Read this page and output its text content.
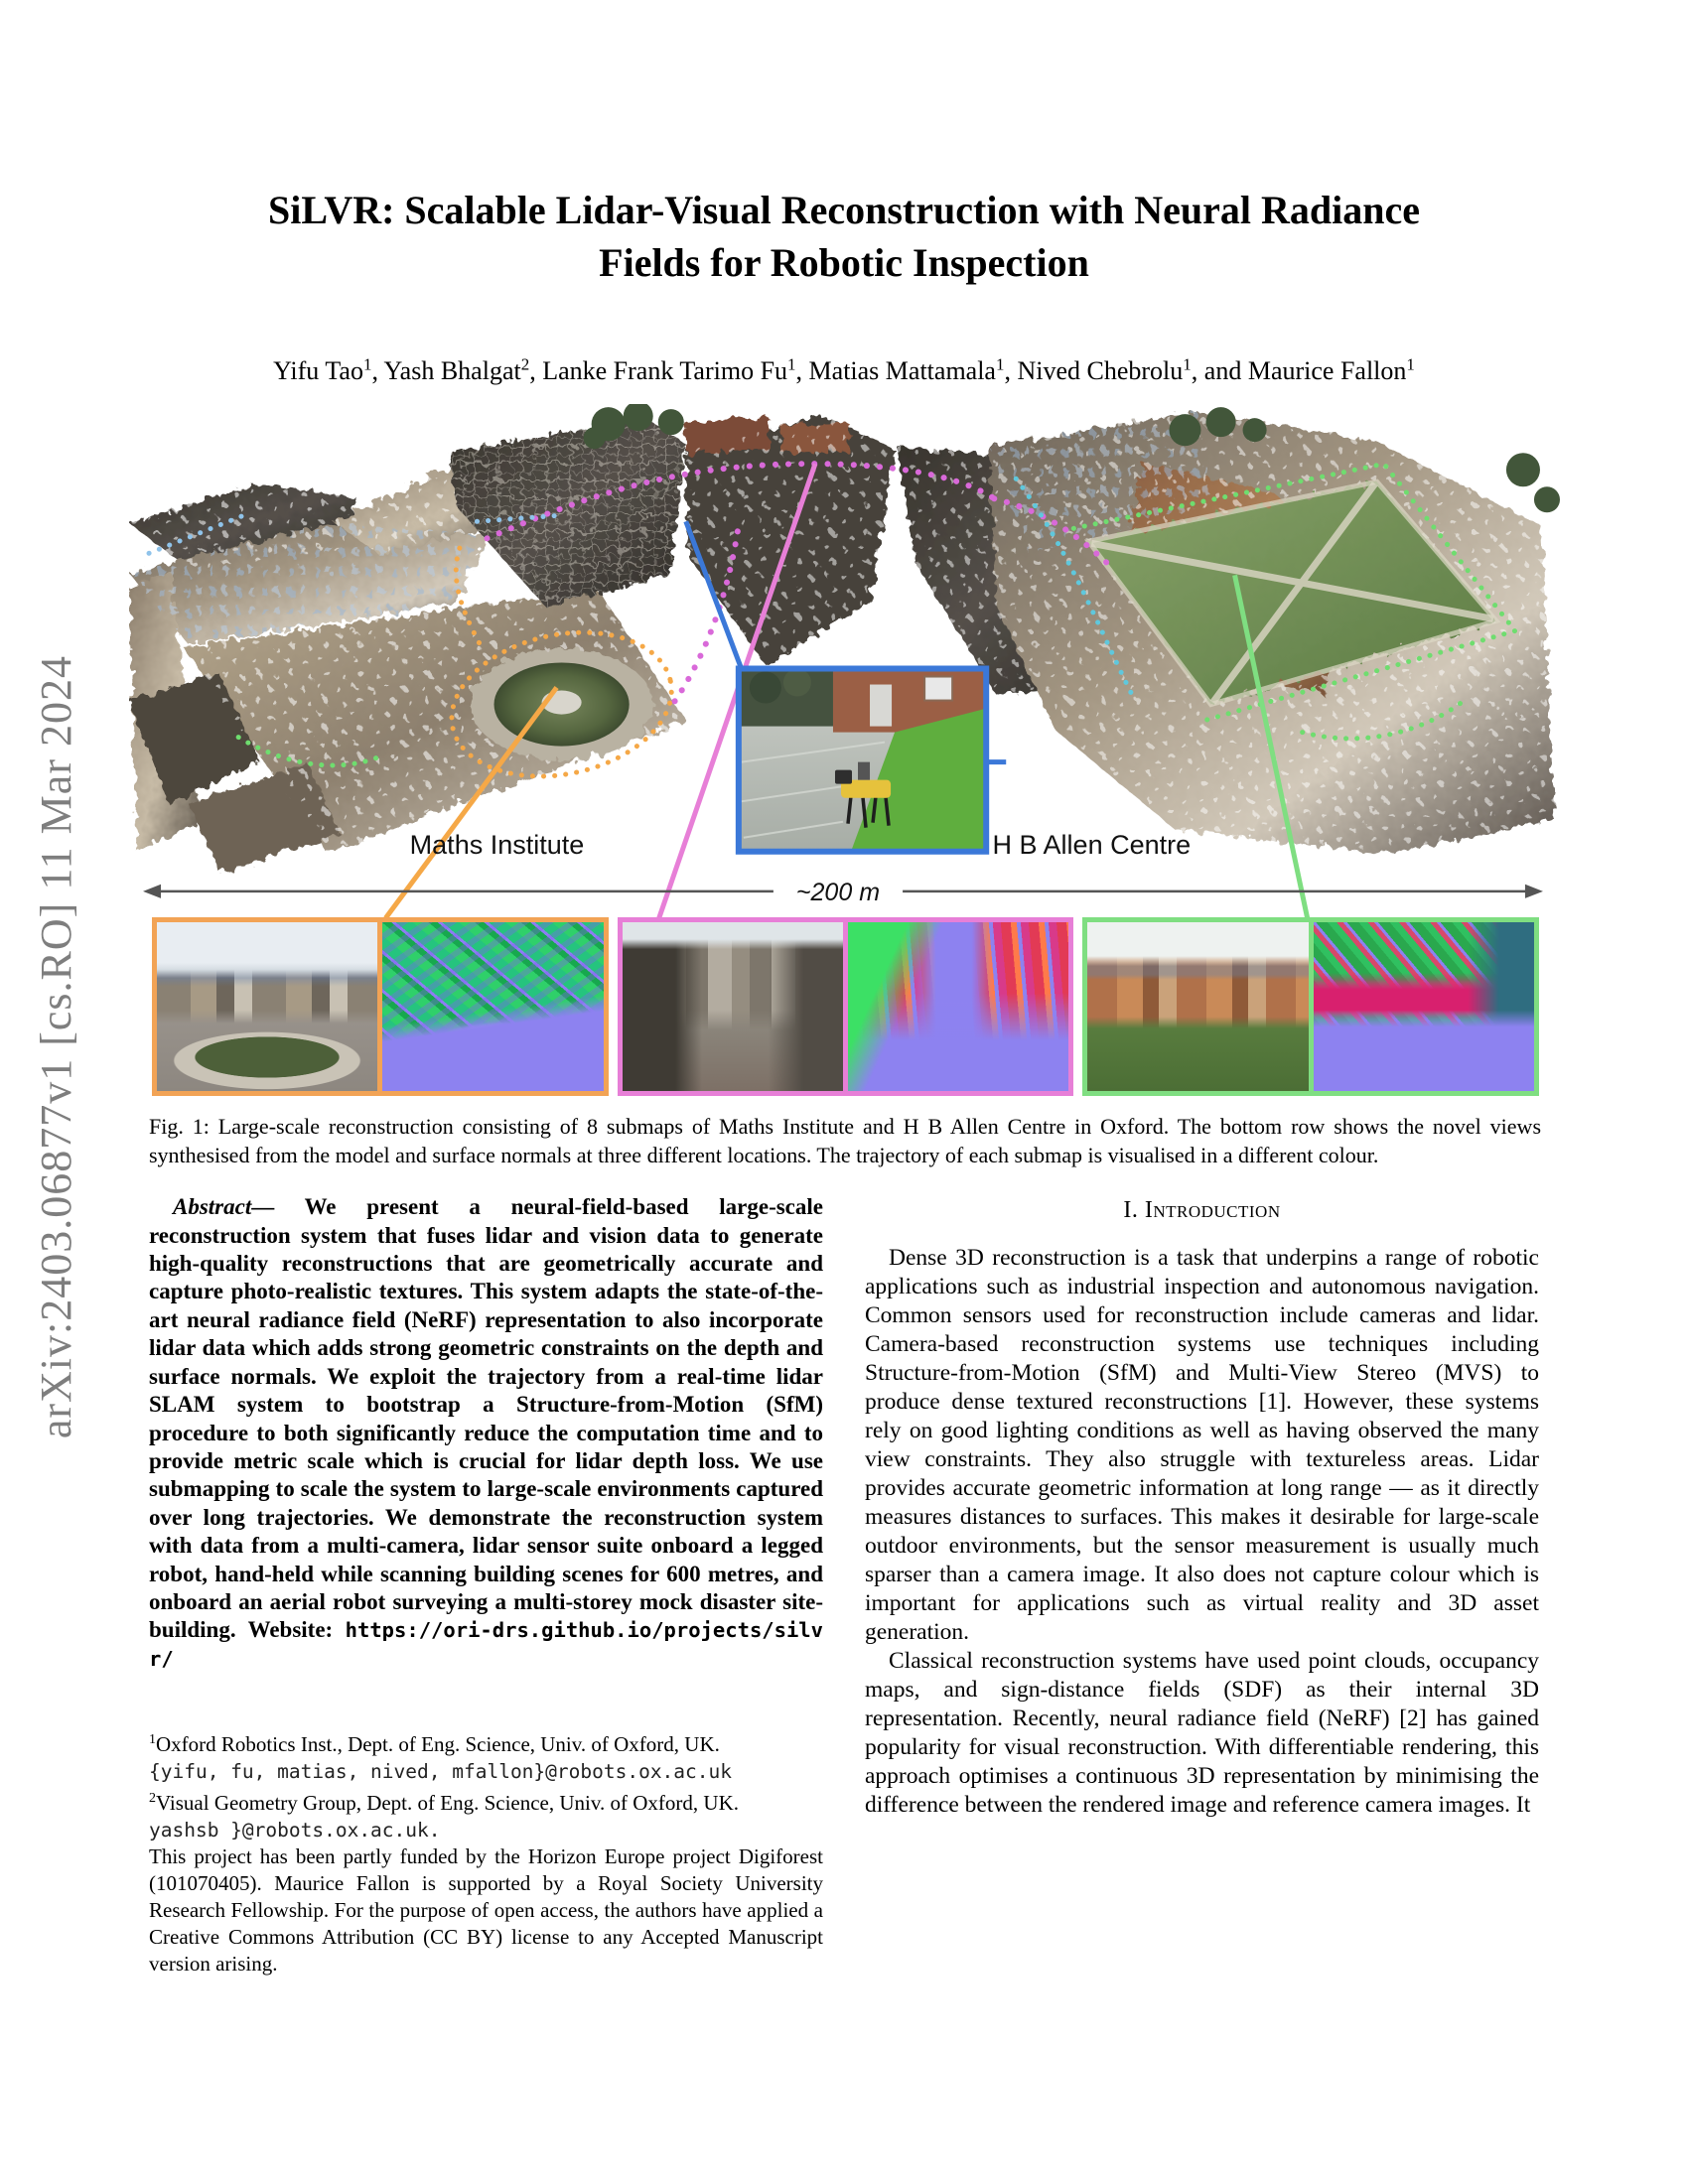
arXiv:2403.06877v1 [cs.RO] 11 Mar 2024
SiLVR: Scalable Lidar-Visual Reconstruction with Neural Radiance
Fields for Robotic Inspection
Yifu Tao$^1$, Yash Bhalgat$^2$, Lanke Frank Tarimo Fu$^1$, Matias Mattamala$^1$, Nived Chebrolu$^1$, and Maurice Fallon$^1$
Maths Institute	H B Allen Centre
~200 m
Fig. 1: Large-scale reconstruction consisting of 8 submaps of Maths Institute and H B Allen Centre in Oxford. The bottom row shows the novel views synthesised from the model and surface normals at three different locations. The trajectory of each submap is visualised in a different colour.

Abstract— We present a neural-field-based large-scale reconstruction system that fuses lidar and vision data to generate high-quality reconstructions that are geometrically accurate and capture photo-realistic textures. This system adapts the state-of-the-art neural radiance field (NeRF) representation to also incorporate lidar data which adds strong geometric constraints on the depth and surface normals. We exploit the trajectory from a real-time lidar SLAM system to bootstrap a Structure-from-Motion (SfM) procedure to both significantly reduce the computation time and to provide metric scale which is crucial for lidar depth loss. We use submapping to scale the system to large-scale environments captured over long trajectories. We demonstrate the reconstruction system with data from a multi-camera, lidar sensor suite onboard a legged robot, hand-held while scanning building scenes for 600 metres, and onboard an aerial robot surveying a multi-storey mock disaster site-building. Website: https://ori-drs.github.io/projects/silvr/

$^1$Oxford Robotics Inst., Dept. of Eng. Science, Univ. of Oxford, UK.
{yifu, fu, matias, nived, mfallon}@robots.ox.ac.uk
$^2$Visual Geometry Group, Dept. of Eng. Science, Univ. of Oxford, UK.
yashsb }@robots.ox.ac.uk.
This project has been partly funded by the Horizon Europe project Digiforest (101070405). Maurice Fallon is supported by a Royal Society University Research Fellowship. For the purpose of open access, the authors have applied a Creative Commons Attribution (CC BY) license to any Accepted Manuscript version arising.
I. Introduction

Dense 3D reconstruction is a task that underpins a range of robotic applications such as industrial inspection and autonomous navigation. Common sensors used for reconstruction include cameras and lidar. Camera-based reconstruction systems use techniques including Structure-from-Motion (SfM) and Multi-View Stereo (MVS) to produce dense textured reconstructions [1]. However, these systems rely on good lighting conditions as well as having observed the many view constraints. They also struggle with textureless areas. Lidar provides accurate geometric information at long range — as it directly measures distances to surfaces. This makes it desirable for large-scale outdoor environments, but the sensor measurement is usually much sparser than a camera image. It also does not capture colour which is important for applications such as virtual reality and 3D asset generation.

Classical reconstruction systems have used point clouds, occupancy maps, and sign-distance fields (SDF) as their internal 3D representation. Recently, neural radiance field (NeRF) [2] has gained popularity for visual reconstruction. With differentiable rendering, this approach optimises a continuous 3D representation by minimising the difference between the rendered image and reference camera images. It
